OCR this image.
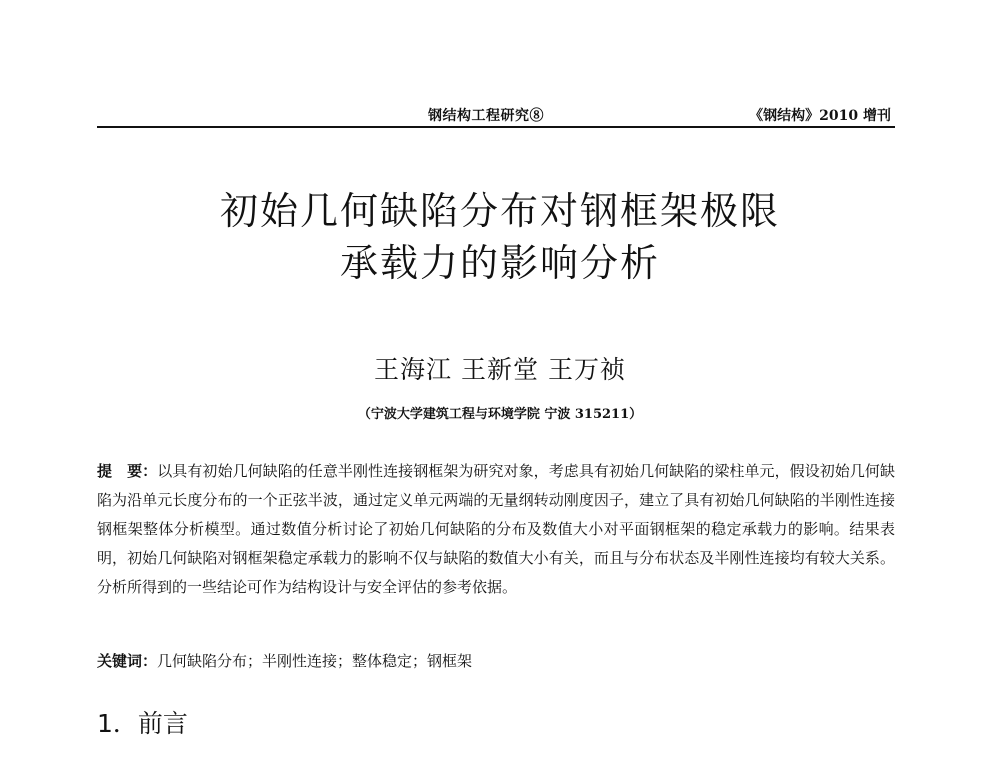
钢结构工程研究⑧	《钢结构》2010 增刊
初始几何缺陷分布对钢框架极限
承载力的影响分析
王海江 王新堂 王万祯
（宁波大学建筑工程与环境学院 宁波 315211）
提　要：以具有初始几何缺陷的任意半刚性连接钢框架为研究对象，考虑具有初始几何缺陷的梁柱单元，假设初始几何缺陷为沿单元长度分布的一个正弦半波，通过定义单元两端的无量纲转动刚度因子，建立了具有初始几何缺陷的半刚性连接钢框架整体分析模型。通过数值分析讨论了初始几何缺陷的分布及数值大小对平面钢框架的稳定承载力的影响。结果表明，初始几何缺陷对钢框架稳定承载力的影响不仅与缺陷的数值大小有关，而且与分布状态及半刚性连接均有较大关系。分析所得到的一些结论可作为结构设计与安全评估的参考依据。
关键词：几何缺陷分布；半刚性连接；整体稳定；钢框架
1．前言
